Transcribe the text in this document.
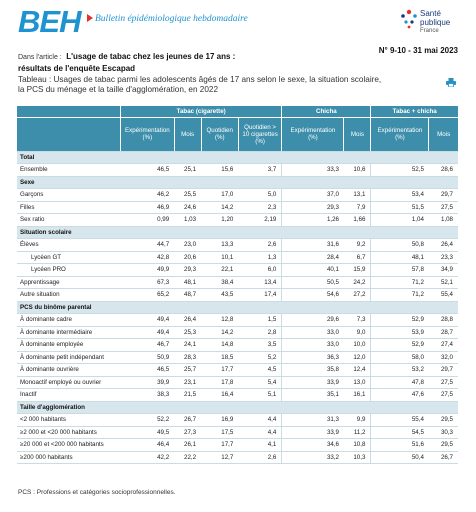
BEH Bulletin épidémiologique hebdomadaire
Santé
publique
France
Dans l'article : L'usage de tabac chez les jeunes de 17 ans :
résultats de l'enquête Escapad
N° 9-10 - 31 mai 2023
Tableau : Usages de tabac parmi les adolescents âgés de 17 ans selon le sexe, la situation scolaire,
la PCS du ménage et la taille d'agglomération, en 2022
	Tabac (cigarette)				Chicha		Tabac + chicha	
	Expérimentation (%)	Mois	Quotidien (%)	Quotidien > 10 cigarettes (%)	Expérimentation (%)	Mois	Expérimentation (%)	Mois
Total								
Ensemble	46,5	25,1	15,6	3,7	33,3	10,6	52,5	28,6
Sexe								
Garçons	46,2	25,5	17,0	5,0	37,0	13,1	53,4	29,7
Filles	46,9	24,6	14,2	2,3	29,3	7,9	51,5	27,5
Sex ratio	0,99	1,03	1,20	2,19	1,26	1,66	1,04	1,08
Situation scolaire								
Élèves	44,7	23,0	13,3	2,6	31,6	9,2	50,8	26,4
Lycéen GT	42,8	20,6	10,1	1,3	28,4	6,7	48,1	23,3
Lycéen PRO	49,9	29,3	22,1	6,0	40,1	15,9	57,8	34,9
Apprentissage	67,3	48,1	38,4	13,4	50,5	24,2	71,2	52,1
Autre situation	65,2	48,7	43,5	17,4	54,6	27,2	71,2	55,4
PCS du binôme parental								
À dominante cadre	49,4	26,4	12,8	1,5	29,6	7,3	52,9	28,8
À dominante intermédiaire	49,4	25,3	14,2	2,8	33,0	9,0	53,9	28,7
À dominante employée	46,7	24,1	14,8	3,5	33,0	10,0	52,9	27,4
À dominante petit indépendant	50,9	28,3	18,5	5,2	36,3	12,0	58,0	32,0
À dominante ouvrière	46,5	25,7	17,7	4,5	35,8	12,4	53,2	29,7
Monoactif employé ou ouvrier	39,9	23,1	17,8	5,4	33,9	13,0	47,8	27,5
Inactif	38,3	21,5	16,4	5,1	35,1	16,1	47,6	27,5
Taille d'agglomération								
<2 000 habitants	52,2	26,7	16,9	4,4	31,3	9,9	55,4	29,5
≥2 000 et <20 000 habitants	49,5	27,3	17,5	4,4	33,9	11,2	54,5	30,3
≥20 000 et <200 000 habitants	46,4	26,1	17,7	4,1	34,6	10,8	51,6	29,5
≥200 000 habitants	42,2	22,2	12,7	2,6	33,2	10,3	50,4	26,7
PCS : Professions et catégories socioprofessionnelles.
